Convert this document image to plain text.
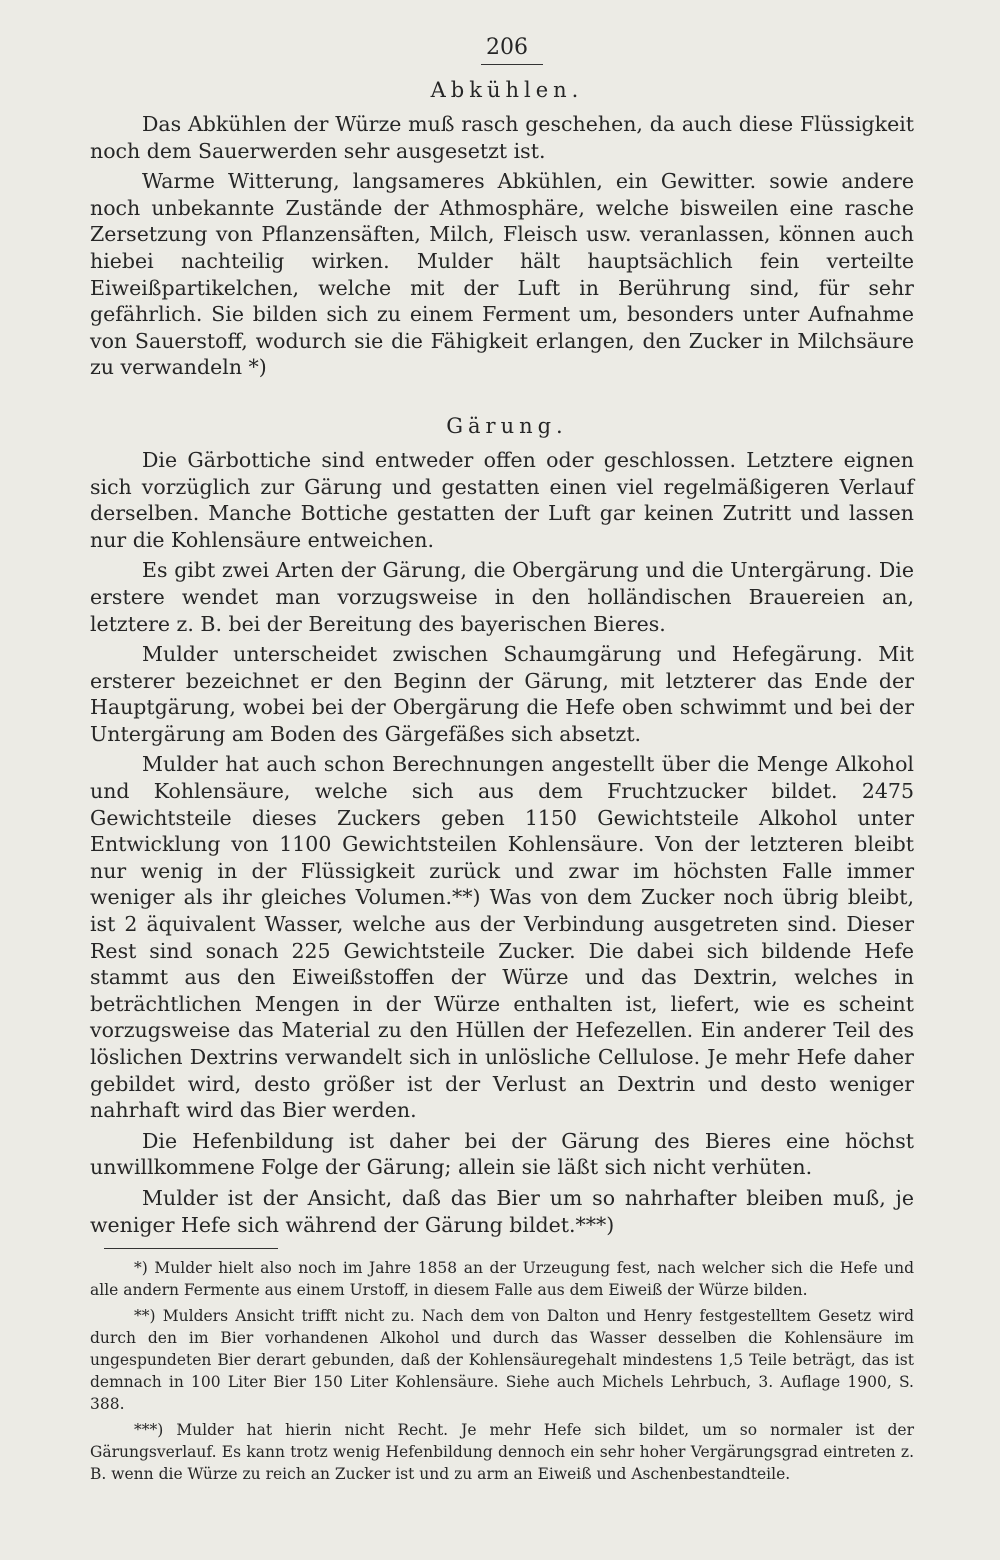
206
Abkühlen.

Das Abkühlen der Würze muß rasch geschehen, da auch diese Flüssigkeit noch dem Sauerwerden sehr ausgesetzt ist.

Warme Witterung, langsameres Abkühlen, ein Gewitter. sowie andere noch unbekannte Zustände der Athmosphäre, welche bisweilen eine rasche Zersetzung von Pflanzensäften, Milch, Fleisch usw. veranlassen, können auch hiebei nachteilig wirken. Mulder hält hauptsächlich fein verteilte Eiweißpartikelchen, welche mit der Luft in Berührung sind, für sehr gefährlich. Sie bilden sich zu einem Ferment um, besonders unter Aufnahme von Sauerstoff, wodurch sie die Fähigkeit erlangen, den Zucker in Milchsäure zu verwandeln *)

Gärung.

Die Gärbottiche sind entweder offen oder geschlossen. Letztere eignen sich vorzüglich zur Gärung und gestatten einen viel regelmäßigeren Verlauf derselben. Manche Bottiche gestatten der Luft gar keinen Zutritt und lassen nur die Kohlensäure entweichen.

Es gibt zwei Arten der Gärung, die Obergärung und die Untergärung. Die erstere wendet man vorzugsweise in den holländischen Brauereien an, letztere z. B. bei der Bereitung des bayerischen Bieres.

Mulder unterscheidet zwischen Schaumgärung und Hefegärung. Mit ersterer bezeichnet er den Beginn der Gärung, mit letzterer das Ende der Hauptgärung, wobei bei der Obergärung die Hefe oben schwimmt und bei der Untergärung am Boden des Gärgefäßes sich absetzt.

Mulder hat auch schon Berechnungen angestellt über die Menge Alkohol und Kohlensäure, welche sich aus dem Fruchtzucker bildet. 2475 Gewichtsteile dieses Zuckers geben 1150 Gewichtsteile Alkohol unter Entwicklung von 1100 Gewichtsteilen Kohlensäure. Von der letzteren bleibt nur wenig in der Flüssigkeit zurück und zwar im höchsten Falle immer weniger als ihr gleiches Volumen.**) Was von dem Zucker noch übrig bleibt, ist 2 äquivalent Wasser, welche aus der Verbindung ausgetreten sind. Dieser Rest sind sonach 225 Gewichtsteile Zucker. Die dabei sich bildende Hefe stammt aus den Eiweißstoffen der Würze und das Dextrin, welches in beträchtlichen Mengen in der Würze enthalten ist, liefert, wie es scheint vorzugsweise das Material zu den Hüllen der Hefezellen. Ein anderer Teil des löslichen Dextrins verwandelt sich in unlösliche Cellulose. Je mehr Hefe daher gebildet wird, desto größer ist der Verlust an Dextrin und desto weniger nahrhaft wird das Bier werden.

Die Hefenbildung ist daher bei der Gärung des Bieres eine höchst unwillkommene Folge der Gärung; allein sie läßt sich nicht verhüten.

Mulder ist der Ansicht, daß das Bier um so nahrhafter bleiben muß, je weniger Hefe sich während der Gärung bildet.***)

*) Mulder hielt also noch im Jahre 1858 an der Urzeugung fest, nach welcher sich die Hefe und alle andern Fermente aus einem Urstoff, in diesem Falle aus dem Eiweiß der Würze bilden.

**) Mulders Ansicht trifft nicht zu. Nach dem von Dalton und Henry festgestelltem Gesetz wird durch den im Bier vorhandenen Alkohol und durch das Wasser desselben die Kohlensäure im ungespundeten Bier derart gebunden, daß der Kohlensäuregehalt mindestens 1,5 Teile beträgt, das ist demnach in 100 Liter Bier 150 Liter Kohlensäure. Siehe auch Michels Lehrbuch, 3. Auflage 1900, S. 388.

***) Mulder hat hierin nicht Recht. Je mehr Hefe sich bildet, um so normaler ist der Gärungsverlauf. Es kann trotz wenig Hefenbildung dennoch ein sehr hoher Vergärungsgrad eintreten z. B. wenn die Würze zu reich an Zucker ist und zu arm an Eiweiß und Aschenbestandteile.
